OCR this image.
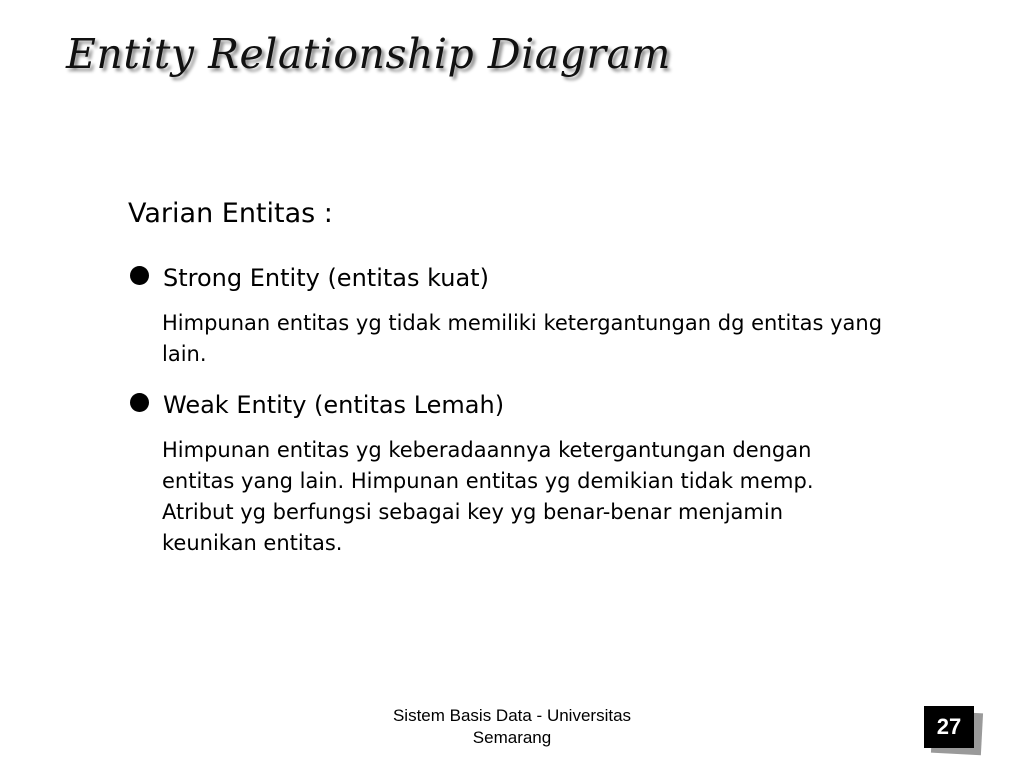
Entity Relationship Diagram
Varian Entitas :
Strong Entity (entitas kuat)

Himpunan entitas yg tidak memiliki ketergantungan dg entitas yang lain.

Weak Entity (entitas Lemah)

Himpunan entitas yg keberadaannya ketergantungan dengan entitas yang lain. Himpunan entitas yg demikian tidak memp. Atribut yg berfungsi sebagai key yg benar-benar menjamin keunikan entitas.

Sistem Basis Data - Universitas Semarang	27
